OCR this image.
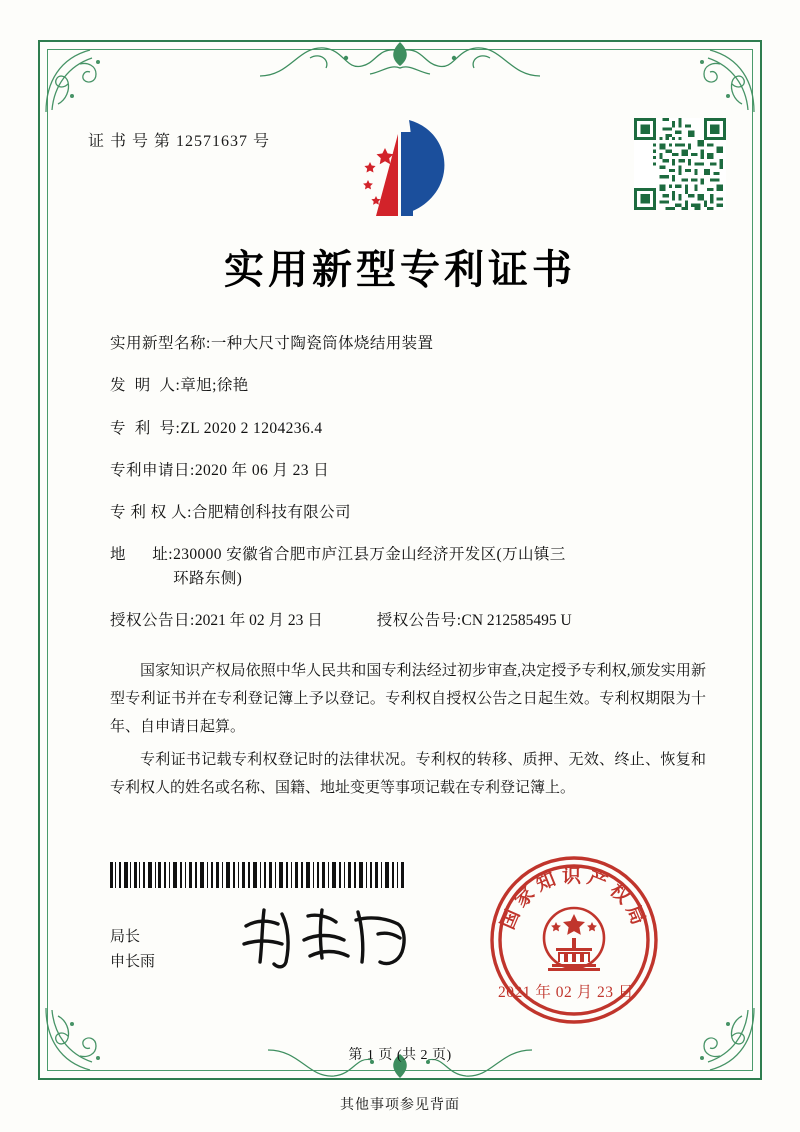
证 书 号 第 12571637 号
实用新型专利证书
实用新型名称: 一种大尺寸陶瓷筒体烧结用装置
发  明  人: 章旭;徐艳
专  利  号: ZL 2020 2 1204236.4
专利申请日: 2020 年 06 月 23 日
专 利 权 人: 合肥精创科技有限公司
地      址: 230000 安徽省合肥市庐江县万金山经济开发区(万山镇三
环路东侧)
授权公告日: 2021 年 02 月 23 日	授权公告号: CN 212585495 U

国家知识产权局依照中华人民共和国专利法经过初步审查,决定授予专利权,颁发实用新型专利证书并在专利登记簿上予以登记。专利权自授权公告之日起生效。专利权期限为十年、自申请日起算。

专利证书记载专利权登记时的法律状况。专利权的转移、质押、无效、终止、恢复和专利权人的姓名或名称、国籍、地址变更等事项记载在专利登记簿上。

局长
申长雨
国家知识产权局
2021 年 02 月 23 日
第 1 页 (共 2 页)
其他事项参见背面
